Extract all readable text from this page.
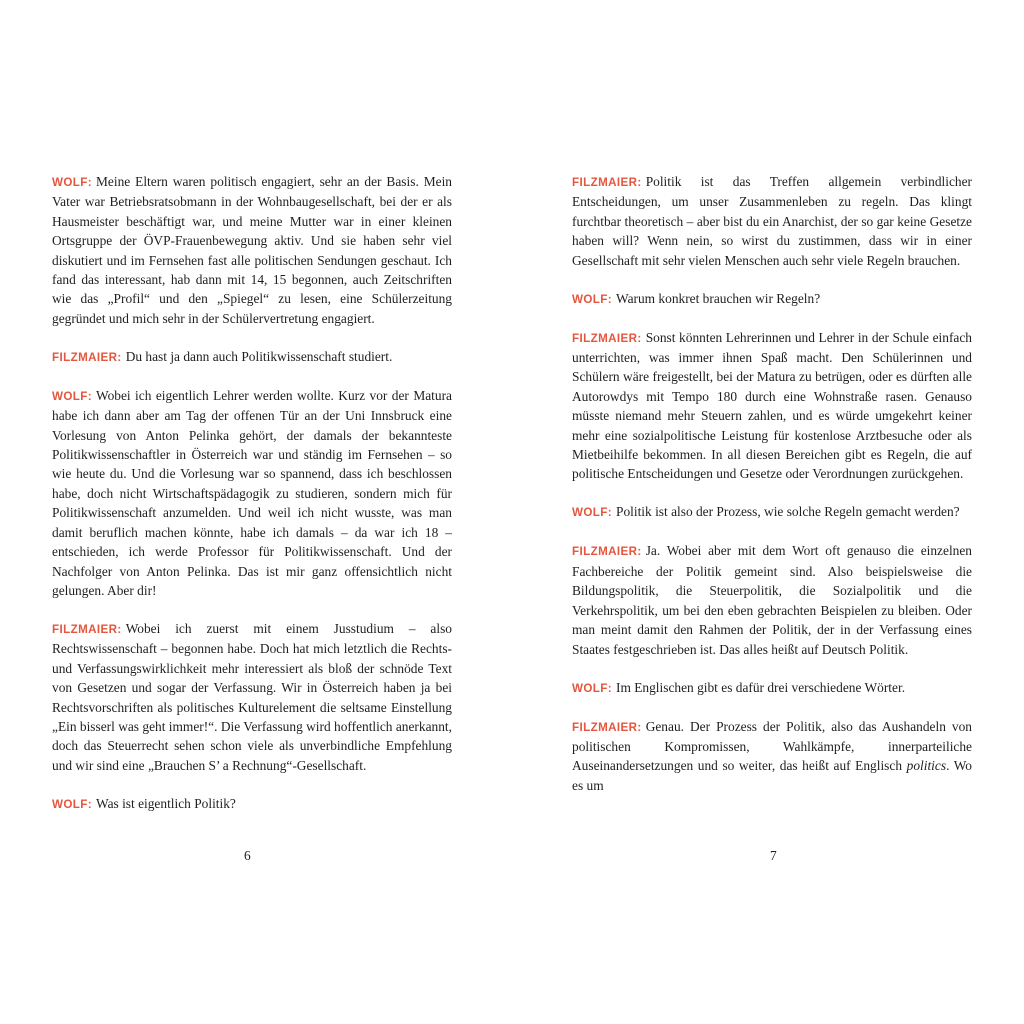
WOLF: Meine Eltern waren politisch engagiert, sehr an der Basis. Mein Vater war Betriebsratsobmann in der Wohnbaugesellschaft, bei der er als Hausmeister beschäftigt war, und meine Mutter war in einer kleinen Ortsgruppe der ÖVP-Frauenbewegung aktiv. Und sie haben sehr viel diskutiert und im Fernsehen fast alle politischen Sendungen geschaut. Ich fand das interessant, hab dann mit 14, 15 begonnen, auch Zeitschriften wie das „Profil“ und den „Spiegel“ zu lesen, eine Schülerzeitung gegründet und mich sehr in der Schülervertretung engagiert.

FILZMAIER: Du hast ja dann auch Politikwissenschaft studiert.

WOLF: Wobei ich eigentlich Lehrer werden wollte. Kurz vor der Matura habe ich dann aber am Tag der offenen Tür an der Uni Innsbruck eine Vorlesung von Anton Pelinka gehört, der damals der bekannteste Politikwissenschaftler in Österreich war und ständig im Fernsehen – so wie heute du. Und die Vorlesung war so spannend, dass ich beschlossen habe, doch nicht Wirtschaftspädagogik zu studieren, sondern mich für Politikwissenschaft anzumelden. Und weil ich nicht wusste, was man damit beruflich machen könnte, habe ich damals – da war ich 18 – entschieden, ich werde Professor für Politikwissenschaft. Und der Nachfolger von Anton Pelinka. Das ist mir ganz offensichtlich nicht gelungen. Aber dir!

FILZMAIER: Wobei ich zuerst mit einem Jusstudium – also Rechtswissenschaft – begonnen habe. Doch hat mich letztlich die Rechts- und Verfassungswirklichkeit mehr interessiert als bloß der schnöde Text von Gesetzen und sogar der Verfassung. Wir in Österreich haben ja bei Rechtsvorschriften als politisches Kulturelement die seltsame Einstellung „Ein bisserl was geht immer!“. Die Verfassung wird hoffentlich anerkannt, doch das Steuerrecht sehen schon viele als unverbindliche Empfehlung und wir sind eine „Brauchen S’ a Rechnung“-Gesellschaft.

WOLF: Was ist eigentlich Politik?

6

FILZMAIER: Politik ist das Treffen allgemein verbindlicher Entscheidungen, um unser Zusammenleben zu regeln. Das klingt furchtbar theoretisch – aber bist du ein Anarchist, der so gar keine Gesetze haben will? Wenn nein, so wirst du zustimmen, dass wir in einer Gesellschaft mit sehr vielen Menschen auch sehr viele Regeln brauchen.

WOLF: Warum konkret brauchen wir Regeln?

FILZMAIER: Sonst könnten Lehrerinnen und Lehrer in der Schule einfach unterrichten, was immer ihnen Spaß macht. Den Schülerinnen und Schülern wäre freigestellt, bei der Matura zu betrügen, oder es dürften alle Autorowdys mit Tempo 180 durch eine Wohnstraße rasen. Genauso müsste niemand mehr Steuern zahlen, und es würde umgekehrt keiner mehr eine sozialpolitische Leistung für kostenlose Arztbesuche oder als Mietbeihilfe bekommen. In all diesen Bereichen gibt es Regeln, die auf politische Entscheidungen und Gesetze oder Verordnungen zurückgehen.

WOLF: Politik ist also der Prozess, wie solche Regeln gemacht werden?

FILZMAIER: Ja. Wobei aber mit dem Wort oft genauso die einzelnen Fachbereiche der Politik gemeint sind. Also beispielsweise die Bildungspolitik, die Steuerpolitik, die Sozialpolitik und die Verkehrspolitik, um bei den eben gebrachten Beispielen zu bleiben. Oder man meint damit den Rahmen der Politik, der in der Verfassung eines Staates festgeschrieben ist. Das alles heißt auf Deutsch Politik.

WOLF: Im Englischen gibt es dafür drei verschiedene Wörter.

FILZMAIER: Genau. Der Prozess der Politik, also das Aushandeln von politischen Kompromissen, Wahlkämpfe, innerparteiliche Auseinandersetzungen und so weiter, das heißt auf Englisch politics. Wo es um

7
